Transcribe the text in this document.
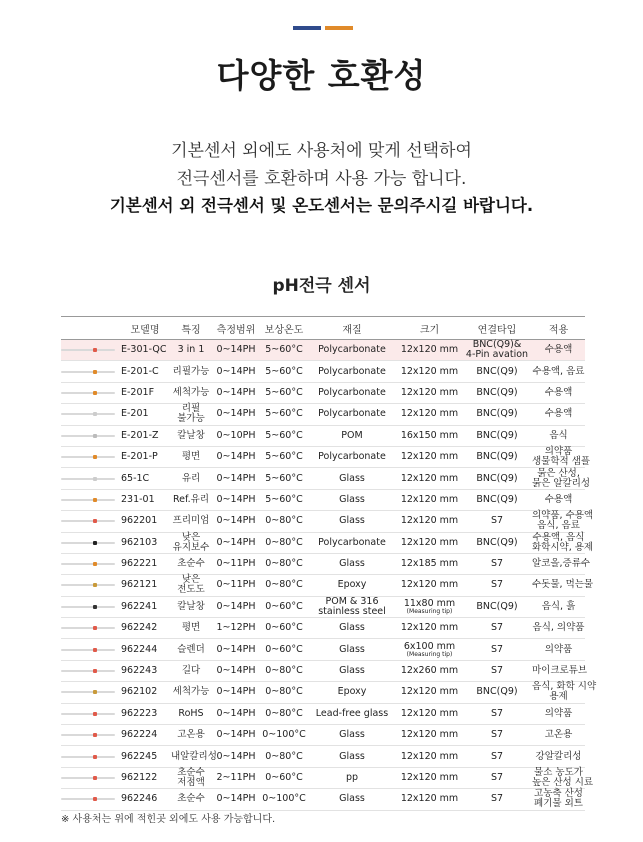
다양한 호환성
기본센서 외에도 사용처에 맞게 선택하여
전극센서를 호환하며 사용 가능 합니다.
기본센서 외 전극센서 및 온도센서는 문의주시길 바랍니다.
pH전극 센서
	모델명	특징	측정범위	보상온도	재질	크기	연결타입	적용

	E-301-QC	3 in 1	0~14PH	5~60°C	Polycarbonate	12x120 mm	BNC(Q9)&
4-Pin avation	수용액

	E-201-C	리필가능	0~14PH	5~60°C	Polycarbonate	12x120 mm	BNC(Q9)	수용액, 음료

	E-201F	세척가능	0~14PH	5~60°C	Polycarbonate	12x120 mm	BNC(Q9)	수용액

	E-201	리필
불가능	0~14PH	5~60°C	Polycarbonate	12x120 mm	BNC(Q9)	수용액

	E-201-Z	칼날창	0~10PH	5~60°C	POM	16x150 mm	BNC(Q9)	음식

	E-201-P	평면	0~14PH	5~60°C	Polycarbonate	12x120 mm	BNC(Q9)	의약품
생물학적 샘플

	65-1C	유리	0~14PH	5~60°C	Glass	12x120 mm	BNC(Q9)	묽은 산성,
묽은 알칼리성

	231-01	Ref.유리	0~14PH	5~60°C	Glass	12x120 mm	BNC(Q9)	수용액

	962201	프리미엄	0~14PH	0~80°C	Glass	12x120 mm	S7	의약품, 수용액
음식, 음료

	962103	낮은
유지보수	0~14PH	0~80°C	Polycarbonate	12x120 mm	BNC(Q9)	수용액, 음식
화학시약, 용제

	962221	초순수	0~11PH	0~80°C	Glass	12x185 mm	S7	알코올,증류수

	962121	낮은
전도도	0~11PH	0~80°C	Epoxy	12x120 mm	S7	수돗물, 먹는물

	962241	칼날창	0~14PH	0~60°C	POM & 316
stainless steel	11x80 mm
(Measuring tip)	BNC(Q9)	음식, 흙

	962242	평면	1~12PH	0~60°C	Glass	12x120 mm	S7	음식, 의약품

	962244	슬렌더	0~14PH	0~60°C	Glass	6x100 mm
(Measuring tip)	S7	의약품

	962243	길다	0~14PH	0~80°C	Glass	12x260 mm	S7	마이크로튜브

	962102	세척가능	0~14PH	0~80°C	Epoxy	12x120 mm	BNC(Q9)	음식, 화학 시약
용제

	962223	RoHS	0~14PH	0~80°C	Lead-free glass	12x120 mm	S7	의약품

	962224	고온용	0~14PH	0~100°C	Glass	12x120 mm	S7	고온용

	962245	내알칼리성	0~14PH	0~80°C	Glass	12x120 mm	S7	강알칼리성

	962122	초순수
저점액	2~11PH	0~60°C	pp	12x120 mm	S7	물소 농도가
높은 산성 시료

	962246	초순수	0~14PH	0~100°C	Glass	12x120 mm	S7	고농축 산성
폐기물 외트
※ 사용처는 위에 적힌곳 외에도 사용 가능합니다.
